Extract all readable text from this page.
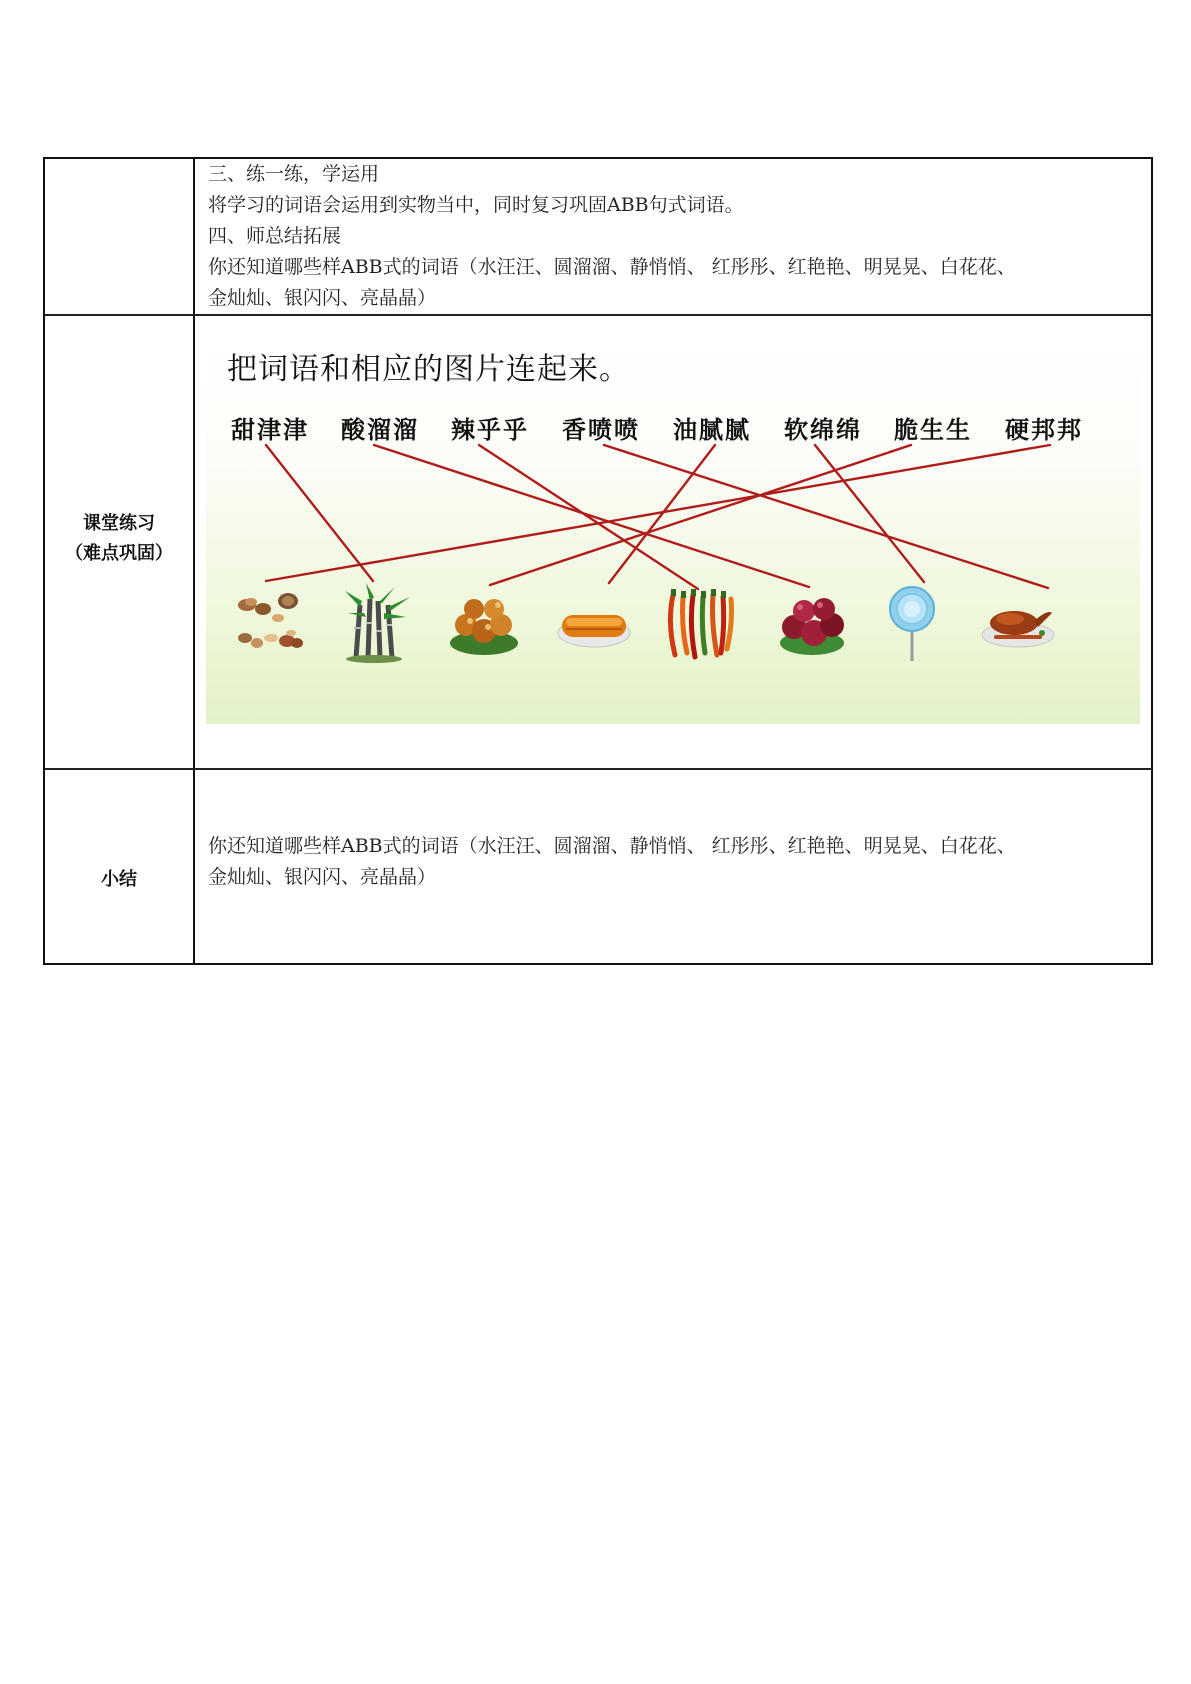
三、练一练，学运用
将学习的词语会运用到实物当中，同时复习巩固ABB句式词语。
四、师总结拓展
你还知道哪些样ABB式的词语（水汪汪、圆溜溜、静悄悄、 红彤彤、红艳艳、明晃晃、白花花、
金灿灿、银闪闪、亮晶晶）
课堂练习
（难点巩固）
把词语和相应的图片连起来。
甜津津 酸溜溜 辣乎乎 香喷喷 油腻腻 软绵绵 脆生生 硬邦邦
小结
你还知道哪些样ABB式的词语（水汪汪、圆溜溜、静悄悄、 红彤彤、红艳艳、明晃晃、白花花、
金灿灿、银闪闪、亮晶晶）
